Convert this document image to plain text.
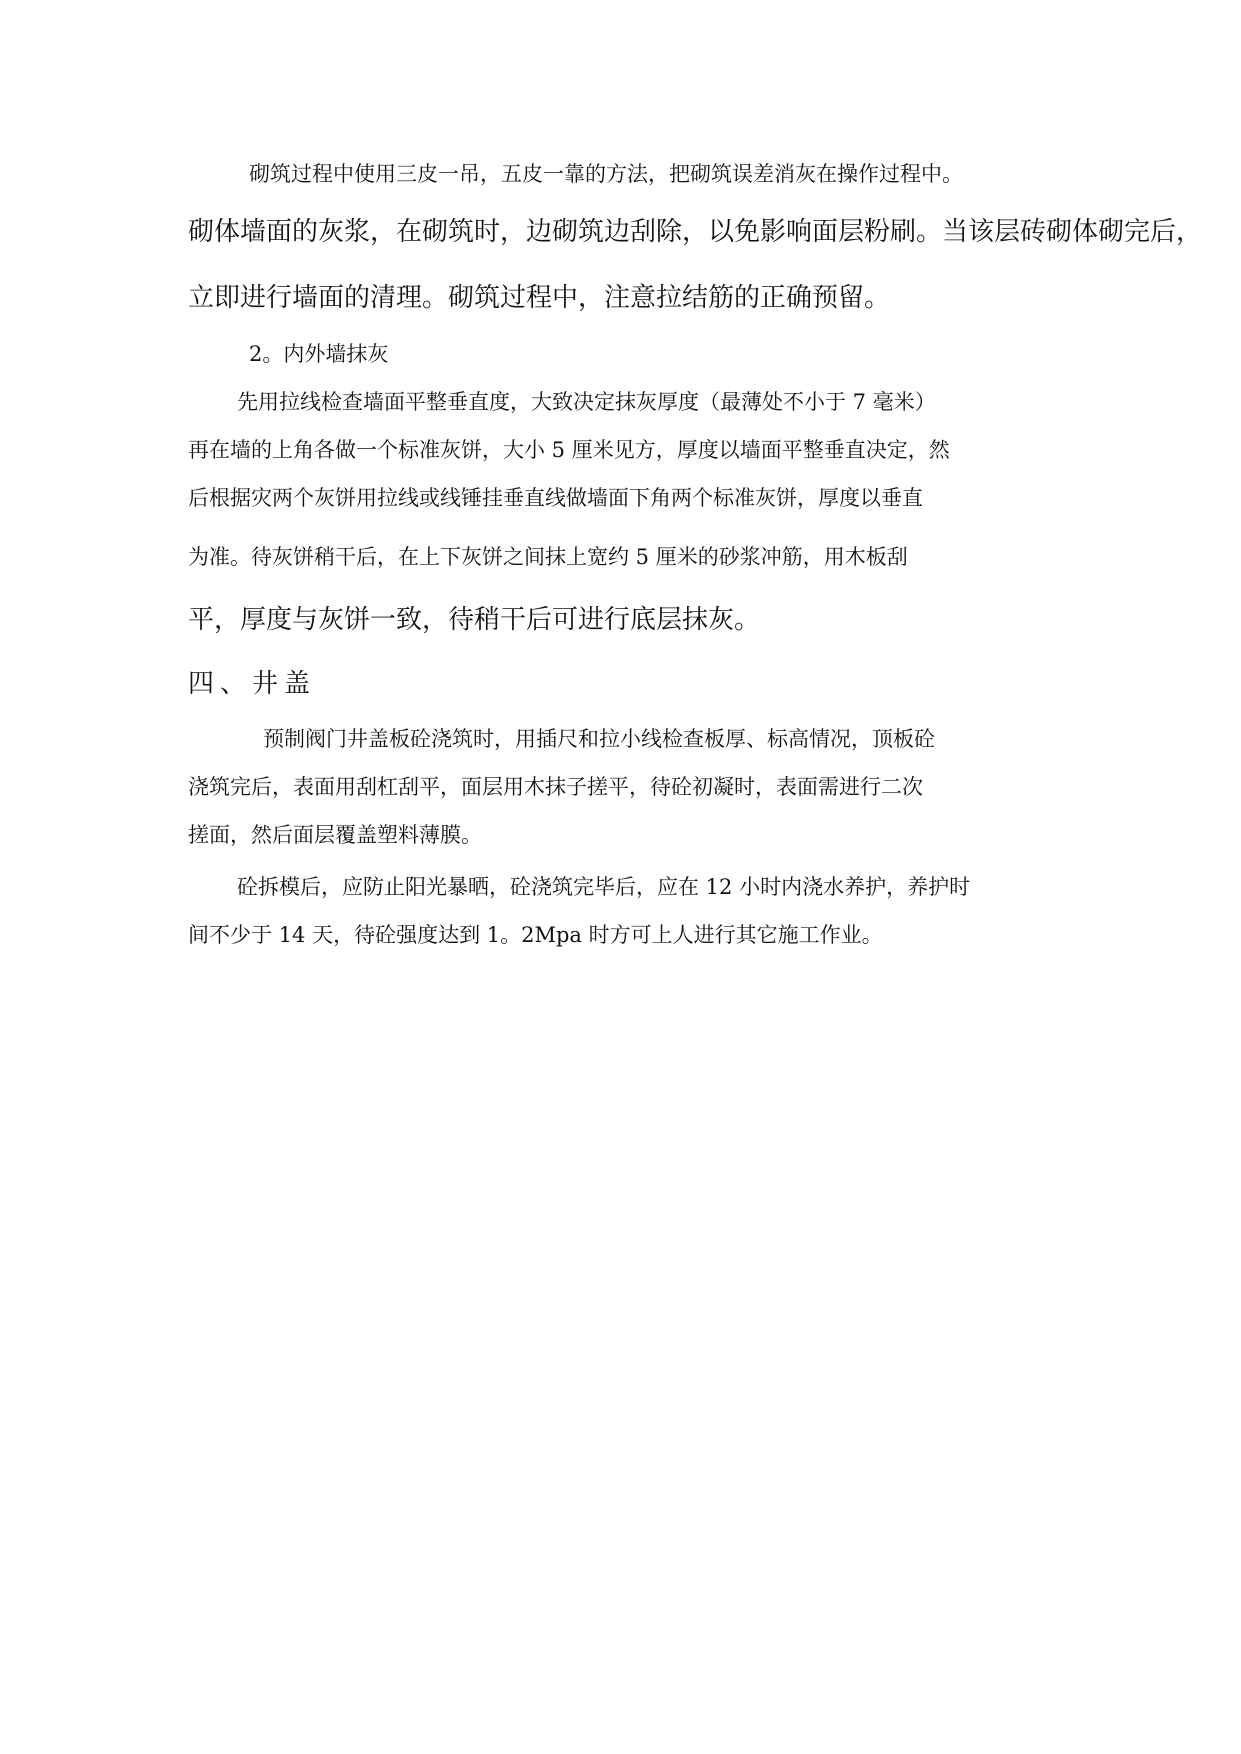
砌筑过程中使用三皮一吊，五皮一靠的方法，把砌筑误差消灰在操作过程中。
砌体墙面的灰浆，在砌筑时，边砌筑边刮除，以免影响面层粉刷。当该层砖砌体砌完后，
立即进行墙面的清理。砌筑过程中，注意拉结筋的正确预留。
2。内外墙抹灰
先用拉线检查墙面平整垂直度，大致决定抹灰厚度（最薄处不小于 7 毫米）
再在墙的上角各做一个标准灰饼，大小 5 厘米见方，厚度以墙面平整垂直决定，然
后根据灾两个灰饼用拉线或线锤挂垂直线做墙面下角两个标准灰饼，厚度以垂直
为准。待灰饼稍干后，在上下灰饼之间抹上宽约 5 厘米的砂浆冲筋，用木板刮
平，厚度与灰饼一致，待稍干后可进行底层抹灰。
四、井盖
预制阀门井盖板砼浇筑时，用插尺和拉小线检查板厚、标高情况，顶板砼
浇筑完后，表面用刮杠刮平，面层用木抹子搓平，待砼初凝时，表面需进行二次
搓面，然后面层覆盖塑料薄膜。
砼拆模后，应防止阳光暴晒，砼浇筑完毕后，应在 12 小时内浇水养护，养护时
间不少于 14 天，待砼强度达到 1。2Mpa 时方可上人进行其它施工作业。
